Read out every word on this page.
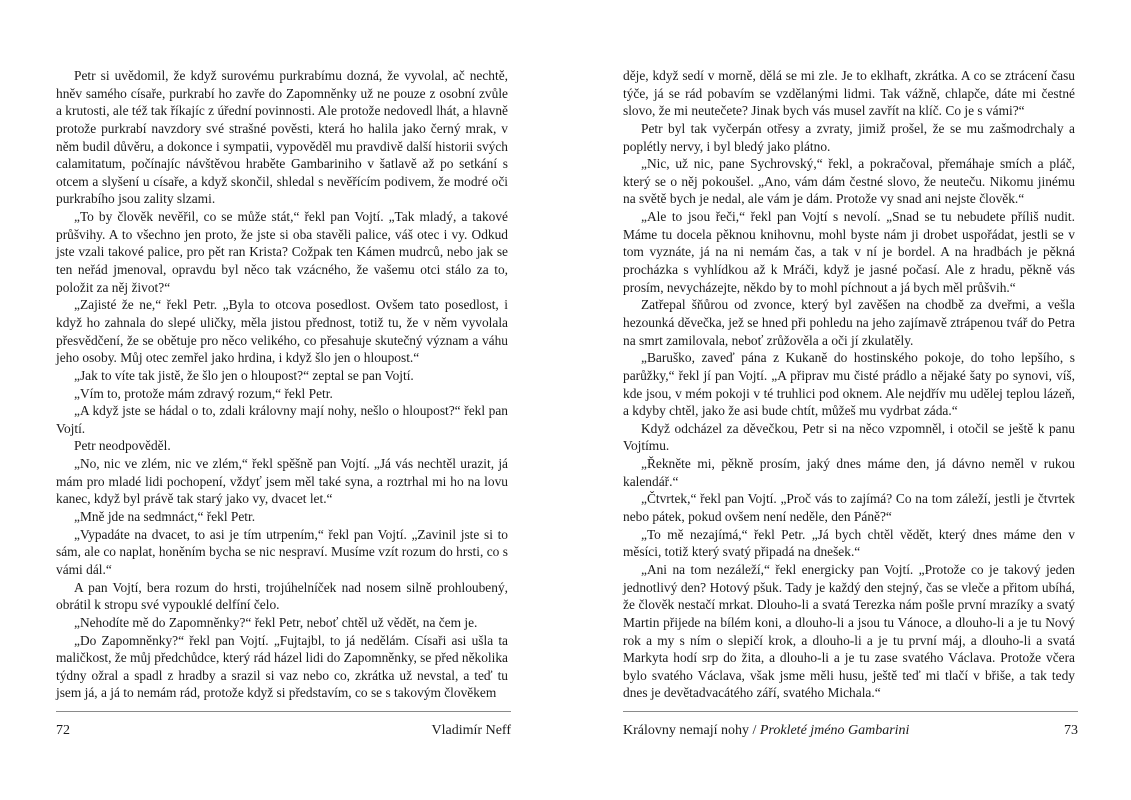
Petr si uvědomil, že když surovému purkrabímu dozná, že vyvolal, ač nechtě, hněv samého císaře, purkrabí ho zavře do Zapomněnky už ne pouze z osobní zvůle a krutosti, ale též tak říkajíc z úřední povinnosti. Ale protože nedovedl lhát, a hlavně protože purkrabí navzdory své strašné pověsti, která ho halila jako černý mrak, v něm budil důvěru, a dokonce i sympatii, vypověděl mu pravdivě další historii svých calamitatum, počínajíc návštěvou hraběte Gambariniho v šatlavě až po setkání s otcem a slyšení u císaře, a když skončil, shledal s nevěřícím podivem, že modré oči purkrabího jsou zality slzami.

„To by člověk nevěřil, co se může stát,“ řekl pan Vojtí. „Tak mladý, a takové průšvihy. A to všechno jen proto, že jste si oba stavěli palice, váš otec i vy. Odkud jste vzali takové palice, pro pět ran Krista? Cožpak ten Kámen mudrců, nebo jak se ten neřád jmenoval, opravdu byl něco tak vzácného, že vašemu otci stálo za to, položit za něj život?“

„Zajisté že ne,“ řekl Petr. „Byla to otcova posedlost. Ovšem tato posedlost, i když ho zahnala do slepé uličky, měla jistou přednost, totiž tu, že v něm vyvolala přesvědčení, že se obětuje pro něco velikého, co přesahuje skutečný význam a váhu jeho osoby. Můj otec zemřel jako hrdina, i když šlo jen o hloupost.“

„Jak to víte tak jistě, že šlo jen o hloupost?“ zeptal se pan Vojtí.

„Vím to, protože mám zdravý rozum,“ řekl Petr.

„A když jste se hádal o to, zdali královny mají nohy, nešlo o hloupost?“ řekl pan Vojtí.

Petr neodpověděl.

„No, nic ve zlém, nic ve zlém,“ řekl spěšně pan Vojtí. „Já vás nechtěl urazit, já mám pro mladé lidi pochopení, vždyť jsem měl také syna, a roztrhal mi ho na lovu kanec, když byl právě tak starý jako vy, dvacet let.“

„Mně jde na sedmnáct,“ řekl Petr.

„Vypadáte na dvacet, to asi je tím utrpením,“ řekl pan Vojtí. „Zavinil jste si to sám, ale co naplat, honěním bycha se nic nespraví. Musíme vzít rozum do hrsti, co s vámi dál.“

A pan Vojtí, bera rozum do hrsti, trojúhelníček nad nosem silně prohloubený, obrátil k stropu své vypouklé delfíní čelo.

„Nehodíte mě do Zapomněnky?“ řekl Petr, neboť chtěl už vědět, na čem je.

„Do Zapomněnky?“ řekl pan Vojtí. „Fujtajbl, to já nedělám. Císaři asi ušla ta maličkost, že můj předchůdce, který rád házel lidi do Zapomněnky, se před několika týdny ožral a spadl z hradby a srazil si vaz nebo co, zkrátka už nevstal, a teď tu jsem já, a já to nemám rád, protože když si představím, co se s takovým člověkem

72	Vladimír Neff

děje, když sedí v morně, dělá se mi zle. Je to eklhaft, zkrátka. A co se ztrácení času týče, já se rád pobavím se vzdělanými lidmi. Tak vážně, chlapče, dáte mi čestné slovo, že mi neutečete? Jinak bych vás musel zavřít na klíč. Co je s vámi?“

Petr byl tak vyčerpán otřesy a zvraty, jimiž prošel, že se mu zašmodrchaly a poplétly nervy, i byl bledý jako plátno.

„Nic, už nic, pane Sychrovský,“ řekl, a pokračoval, přemáhaje smích a pláč, který se o něj pokoušel. „Ano, vám dám čestné slovo, že neuteču. Nikomu jinému na světě bych je nedal, ale vám je dám. Protože vy snad ani nejste člověk.“

„Ale to jsou řeči,“ řekl pan Vojtí s nevolí. „Snad se tu nebudete příliš nudit. Máme tu docela pěknou knihovnu, mohl byste nám ji drobet uspořádat, jestli se v tom vyznáte, já na ni nemám čas, a tak v ní je bordel. A na hradbách je pěkná procházka s vyhlídkou až k Mráči, když je jasné počasí. Ale z hradu, pěkně vás prosím, nevycházejte, někdo by to mohl píchnout a já bych měl průšvih.“

Zatřepal šňůrou od zvonce, který byl zavěšen na chodbě za dveřmi, a vešla hezounká děvečka, jež se hned při pohledu na jeho zajímavě ztrápenou tvář do Petra na smrt zamilovala, neboť zrůžověla a oči jí zkulatěly.

„Baruško, zaveď pána z Kukaně do hostinského pokoje, do toho lepšího, s parůžky,“ řekl jí pan Vojtí. „A připrav mu čisté prádlo a nějaké šaty po synovi, víš, kde jsou, v mém pokoji v té truhlici pod oknem. Ale nejdřív mu udělej teplou lázeň, a kdyby chtěl, jako že asi bude chtít, můžeš mu vydrbat záda.“

Když odcházel za děvečkou, Petr si na něco vzpomněl, i otočil se ještě k panu Vojtímu.

„Řekněte mi, pěkně prosím, jaký dnes máme den, já dávno neměl v rukou kalendář.“

„Čtvrtek,“ řekl pan Vojtí. „Proč vás to zajímá? Co na tom záleží, jestli je čtvrtek nebo pátek, pokud ovšem není neděle, den Páně?“

„To mě nezajímá,“ řekl Petr. „Já bych chtěl vědět, který dnes máme den v měsíci, totiž který svatý připadá na dnešek.“

„Ani na tom nezáleží,“ řekl energicky pan Vojtí. „Protože co je takový jeden jednotlivý den? Hotový pšuk. Tady je každý den stejný, čas se vleče a přitom ubíhá, že člověk nestačí mrkat. Dlouho-li a svatá Terezka nám pošle první mrazíky a svatý Martin přijede na bílém koni, a dlouho-li a jsou tu Vánoce, a dlouho-li a je tu Nový rok a my s ním o slepičí krok, a dlouho-li a je tu první máj, a dlouho-li a svatá Markyta hodí srp do žita, a dlouho-li a je tu zase svatého Václava. Protože včera bylo svatého Václava, však jsme měli husu, ještě teď mi tlačí v břiše, a tak tedy dnes je devětadvacátého září, svatého Michala.“

Královny nemají nohy / Prokleté jméno Gambarini	73
